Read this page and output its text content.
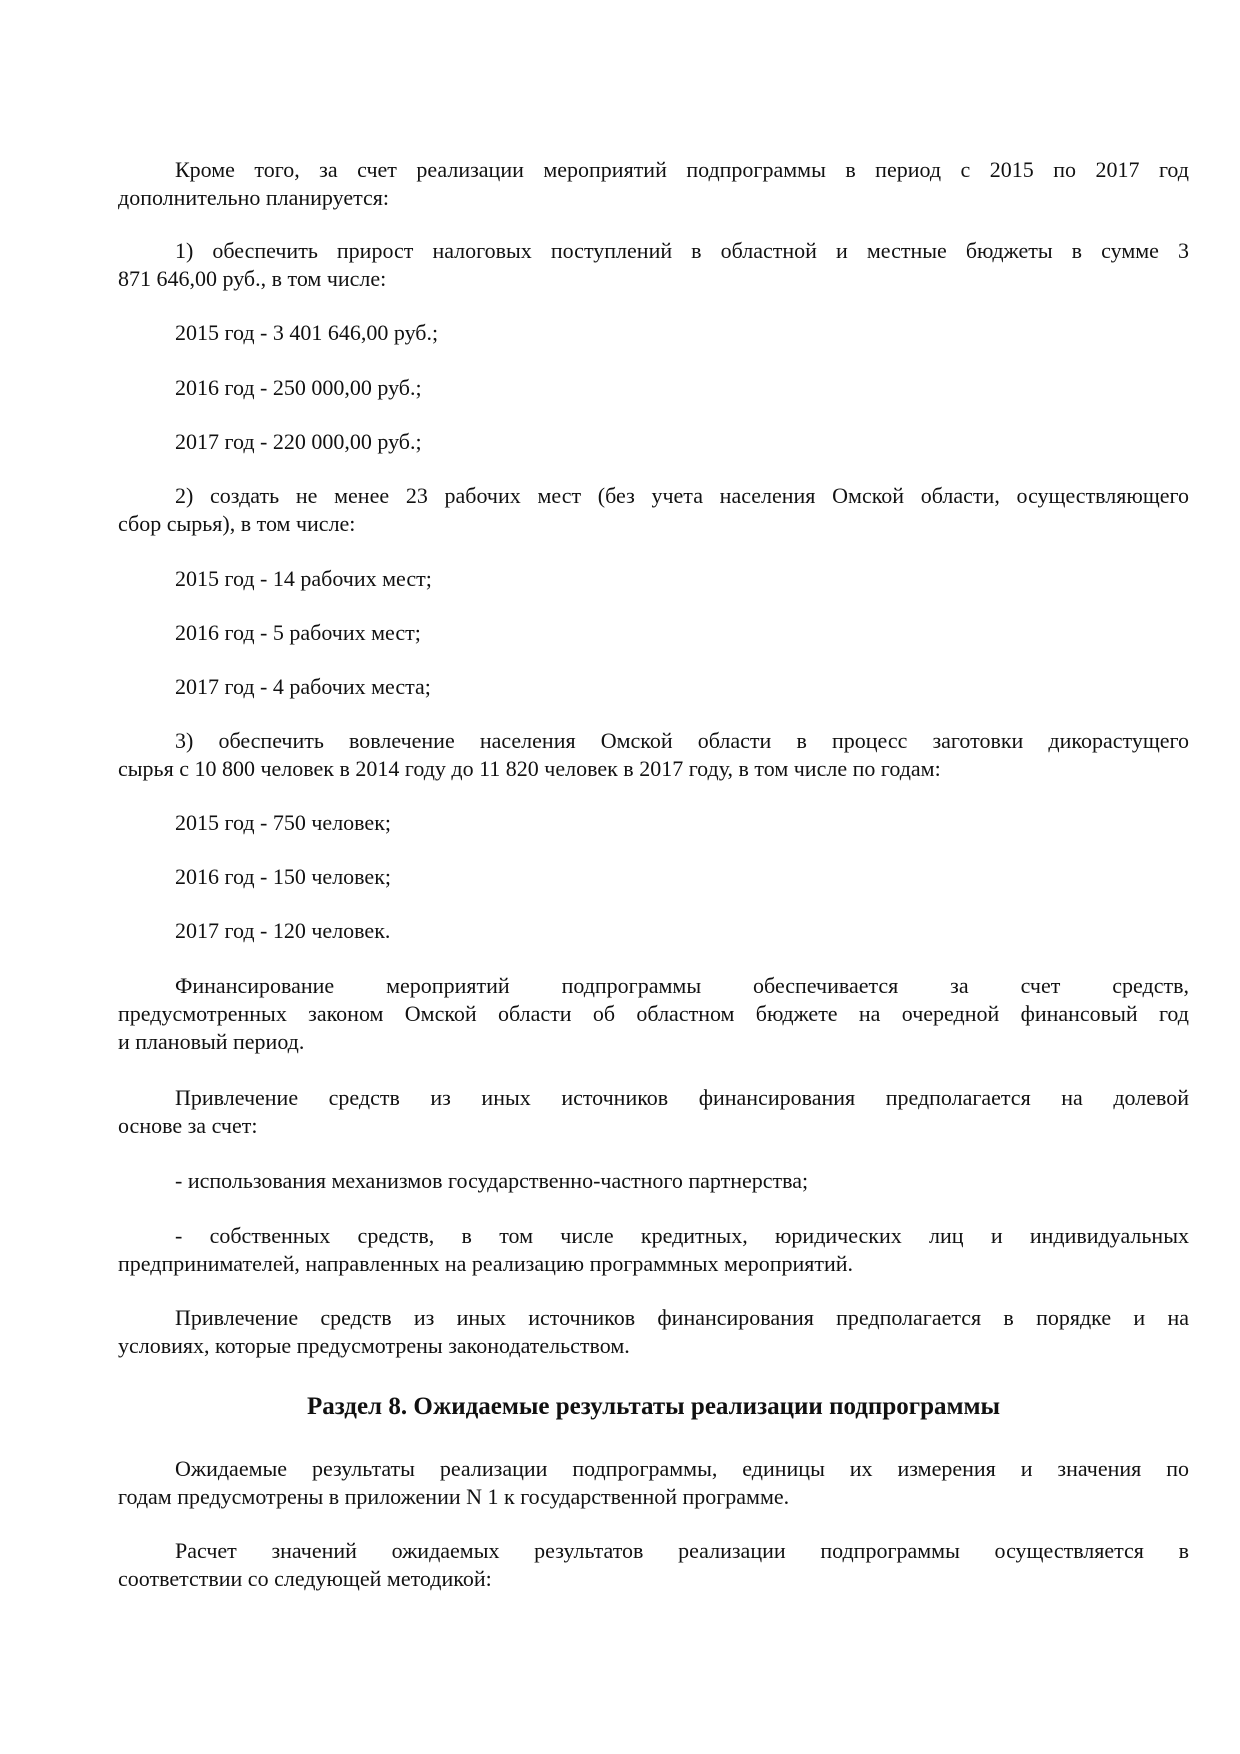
Кроме того, за счет реализации мероприятий подпрограммы в период с 2015 по 2017 год
дополнительно планируется:
1) обеспечить прирост налоговых поступлений в областной и местные бюджеты в сумме 3
871 646,00 руб., в том числе:
2015 год - 3 401 646,00 руб.;
2016 год - 250 000,00 руб.;
2017 год - 220 000,00 руб.;
2) создать не менее 23 рабочих мест (без учета населения Омской области, осуществляющего
сбор сырья), в том числе:
2015 год - 14 рабочих мест;
2016 год - 5 рабочих мест;
2017 год - 4 рабочих места;
3) обеспечить вовлечение населения Омской области в процесс заготовки дикорастущего
сырья с 10 800 человек в 2014 году до 11 820 человек в 2017 году, в том числе по годам:
2015 год - 750 человек;
2016 год - 150 человек;
2017 год - 120 человек.
Финансирование мероприятий подпрограммы обеспечивается за счет средств,
предусмотренных законом Омской области об областном бюджете на очередной финансовый год
и плановый период.
Привлечение средств из иных источников финансирования предполагается на долевой
основе за счет:
- использования механизмов государственно-частного партнерства;
- собственных средств, в том числе кредитных, юридических лиц и индивидуальных
предпринимателей, направленных на реализацию программных мероприятий.
Привлечение средств из иных источников финансирования предполагается в порядке и на
условиях, которые предусмотрены законодательством.
Ожидаемые результаты реализации подпрограммы, единицы их измерения и значения по
годам предусмотрены в приложении N 1 к государственной программе.
Расчет значений ожидаемых результатов реализации подпрограммы осуществляется в
соответствии со следующей методикой:
Раздел 8. Ожидаемые результаты реализации подпрограммы
